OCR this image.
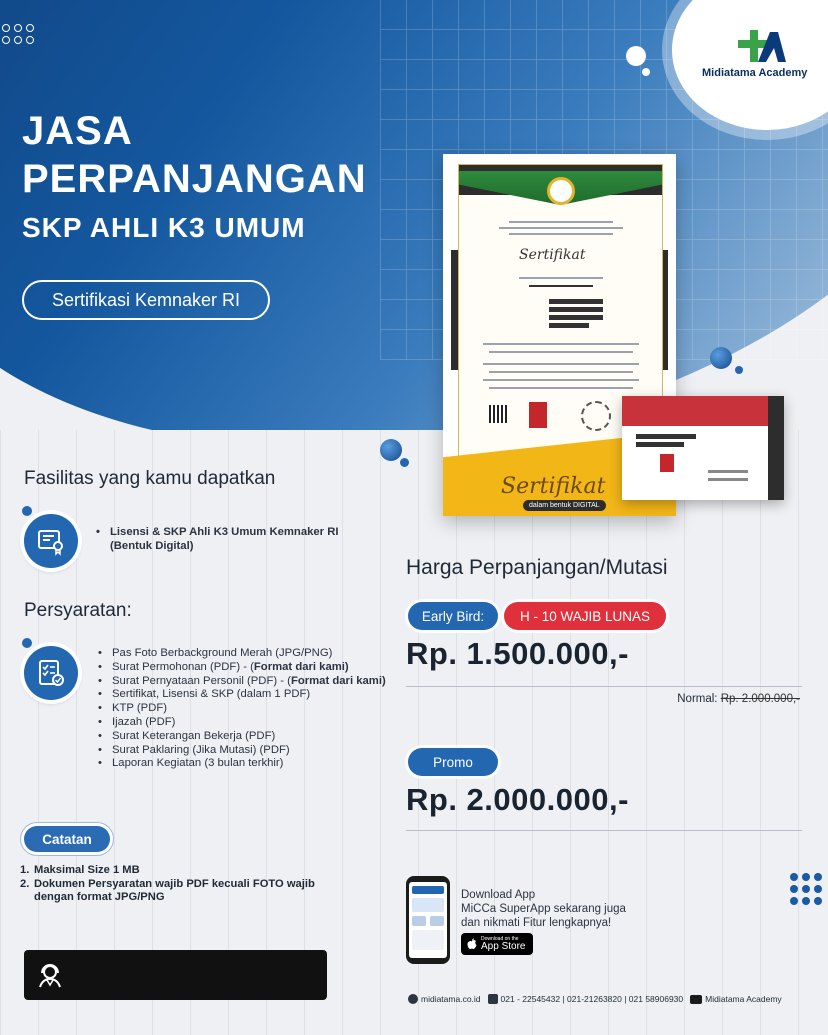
JASA
PERPANJANGAN
SKP AHLI K3 UMUM
Sertifikasi Kemnaker RI
Midiatama Academy
Sertifikat
Sertifikat
dalam bentuk DIGITAL
Fasilitas yang kamu dapatkan
• Lisensi & SKP Ahli K3 Umum Kemnaker RI (Bentuk Digital)
Persyaratan:
• Pas Foto Berbackground Merah (JPG/PNG)
• Surat Permohonan (PDF) - (Format dari kami)
• Surat Pernyataan Personil (PDF) - (Format dari kami)
• Sertifikat, Lisensi & SKP (dalam 1 PDF)
• KTP (PDF)
• Ijazah (PDF)
• Surat Keterangan Bekerja (PDF)
• Surat Paklaring (Jika Mutasi) (PDF)
• Laporan Kegiatan (3 bulan terkhir)
Catatan
1. Maksimal Size 1 MB
2. Dokumen Persyaratan wajib PDF kecuali FOTO wajib dengan format JPG/PNG
Harga Perpanjangan/Mutasi
Early Bird:	H - 10 WAJIB LUNAS
Rp. 1.500.000,-
Normal: Rp. 2.000.000,-
Promo
Rp. 2.000.000,-
Download App
MiCCa SuperApp sekarang juga
dan nikmati Fitur lengkapnya!
Download on the
App Store
midiatama.co.id 021 - 22545432 | 021-21263820 | 021 58906930	Midiatama Academy
